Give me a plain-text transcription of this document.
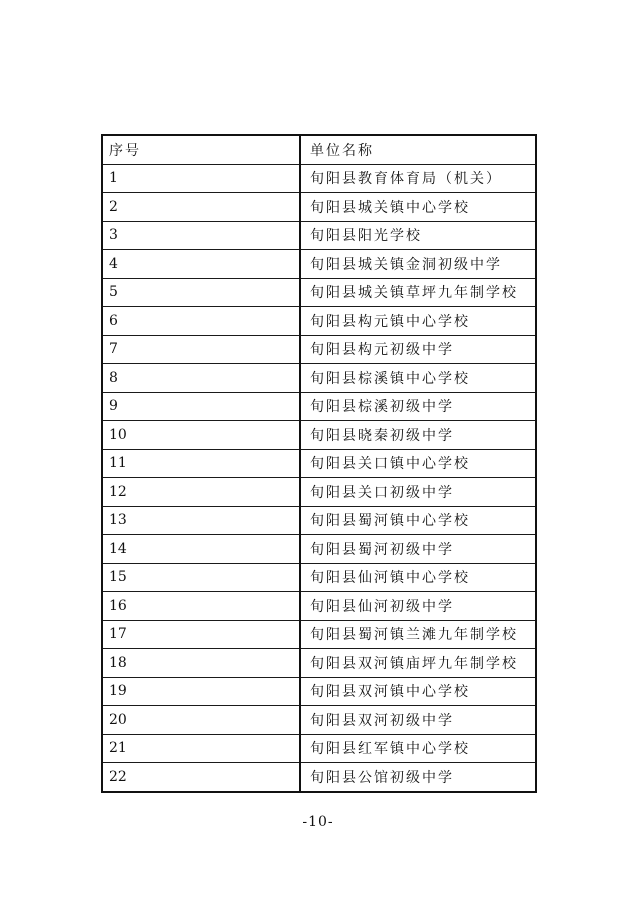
序号	单位名称
1	旬阳县教育体育局（机关）
2	旬阳县城关镇中心学校
3	旬阳县阳光学校
4	旬阳县城关镇金洞初级中学
5	旬阳县城关镇草坪九年制学校
6	旬阳县构元镇中心学校
7	旬阳县构元初级中学
8	旬阳县棕溪镇中心学校
9	旬阳县棕溪初级中学
10	旬阳县晓秦初级中学
11	旬阳县关口镇中心学校
12	旬阳县关口初级中学
13	旬阳县蜀河镇中心学校
14	旬阳县蜀河初级中学
15	旬阳县仙河镇中心学校
16	旬阳县仙河初级中学
17	旬阳县蜀河镇兰滩九年制学校
18	旬阳县双河镇庙坪九年制学校
19	旬阳县双河镇中心学校
20	旬阳县双河初级中学
21	旬阳县红军镇中心学校
22	旬阳县公馆初级中学
-10-
